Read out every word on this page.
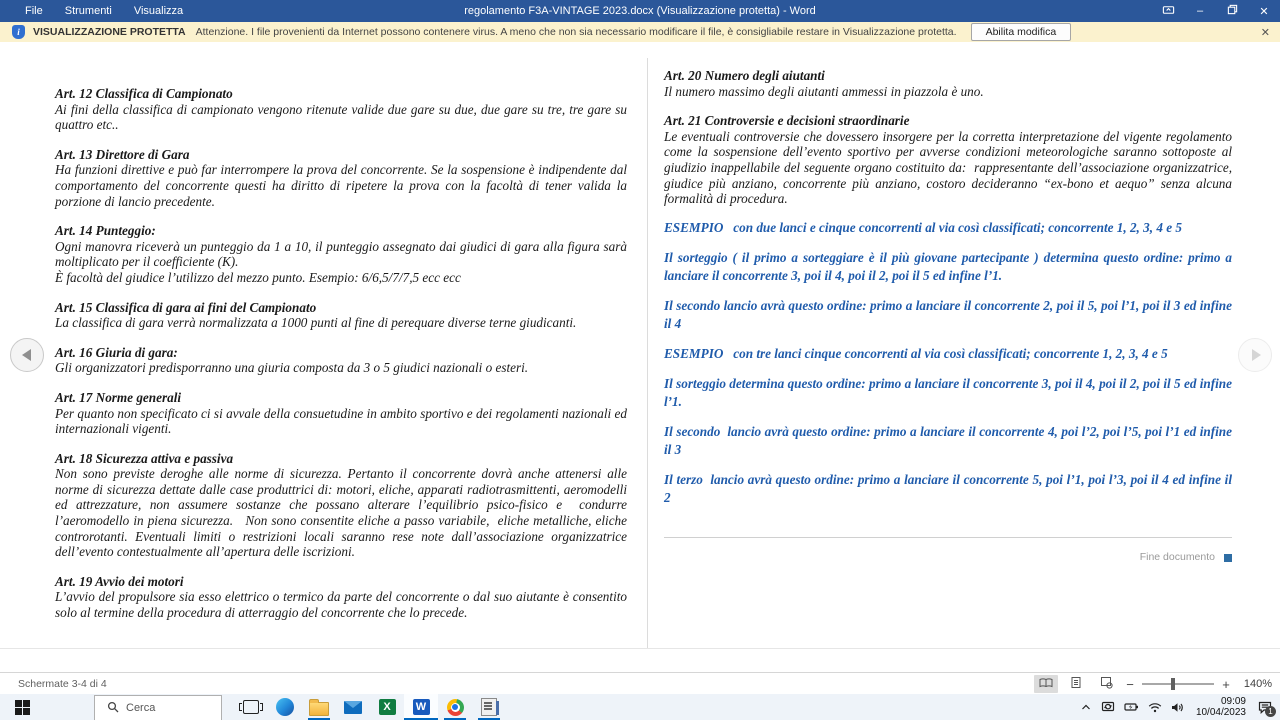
File	Strumenti	Visualizza	regolamento F3A-VINTAGE 2023.docx (Visualizzazione protetta) - Word	–	✕
i	VISUALIZZAZIONE PROTETTA Attenzione. I file provenienti da Internet possono contenere virus. A meno che non sia necessario modificare il file, è consigliabile restare in Visualizzazione protetta.	Abilita modifica	✕

Art. 12 Classifica di Campionato

Ai fini della classifica di campionato vengono ritenute valide due gare su due, due gare su tre, tre gare su quattro etc..

Art. 13 Direttore di Gara

Ha funzioni direttive e può far interrompere la prova del concorrente. Se la sospensione è indipendente dal comportamento del concorrente questi ha diritto di ripetere la prova con la facoltà di tener valida la porzione di lancio precedente.

Art. 14 Punteggio:

Ogni manovra riceverà un punteggio da 1 a 10, il punteggio assegnato dai giudici di gara alla figura sarà moltiplicato per il coefficiente (K).

È facoltà del giudice l’utilizzo del mezzo punto. Esempio: 6/6,5/7/7,5 ecc ecc

Art. 15 Classifica di gara ai fini del Campionato

La classifica di gara verrà normalizzata a 1000 punti al fine di perequare diverse terne giudicanti.

Art. 16 Giuria di gara:

Gli organizzatori predisporranno una giuria composta da 3 o 5 giudici nazionali o esteri.

Art. 17 Norme generali

Per quanto non specificato ci si avvale della consuetudine in ambito sportivo e dei regolamenti nazionali ed internazionali vigenti.

Art. 18 Sicurezza attiva e passiva

Non sono previste deroghe alle norme di sicurezza. Pertanto il concorrente dovrà anche attenersi alle norme di sicurezza dettate dalle case produttrici di: motori, eliche, apparati radiotrasmittenti, aeromodelli ed attrezzature, non assumere sostanze che possano alterare l’equilibrio psico-fisico e  condurre l’aeromodello in piena sicurezza.   Non sono consentite eliche a passo variabile,  eliche metalliche, eliche controrotanti. Eventuali limiti o restrizioni locali saranno rese note dall’associazione organizzatrice dell’evento contestualmente all’apertura delle iscrizioni.

Art. 19 Avvio dei motori

L’avvio del propulsore sia esso elettrico o termico da parte del concorrente o dal suo aiutante è consentito solo al termine della procedura di atterraggio del concorrente che lo precede.

Art. 20 Numero degli aiutanti

Il numero massimo degli aiutanti ammessi in piazzola è uno.

Art. 21 Controversie e decisioni straordinarie

Le eventuali controversie che dovessero insorgere per la corretta interpretazione del vigente regolamento come la sospensione dell’evento sportivo per avverse condizioni meteorologiche saranno sottoposte al giudizio inappellabile del seguente organo costituito da:  rappresentante dell’associazione organizzatrice, giudice più anziano, concorrente più anziano, costoro decideranno “ex-bono et aequo” senza alcuna formalità di procedura.

ESEMPIO   con due lanci e cinque concorrenti al via così classificati; concorrente 1, 2, 3, 4 e 5

Il sorteggio ( il primo a sorteggiare è il più giovane partecipante ) determina questo ordine: primo a lanciare il concorrente 3, poi il 4, poi il 2, poi il 5 ed infine l’1.

Il secondo lancio avrà questo ordine: primo a lanciare il concorrente 2, poi il 5, poi l’1, poi il 3 ed infine il 4

ESEMPIO   con tre lanci cinque concorrenti al via così classificati; concorrente 1, 2, 3, 4 e 5

Il sorteggio determina questo ordine: primo a lanciare il concorrente 3, poi il 4, poi il 2, poi il 5 ed infine l’1.

Il secondo  lancio avrà questo ordine: primo a lanciare il concorrente 4, poi l’2, poi l’5, poi l’1 ed infine il 3

Il terzo  lancio avrà questo ordine: primo a lanciare il concorrente 5, poi l’1, poi l’3, poi il 4 ed infine il 2

Fine documento
Schermate 3-4 di 4	−	+	140%
Cerca	X	W	09:09
10/04/2023	1
